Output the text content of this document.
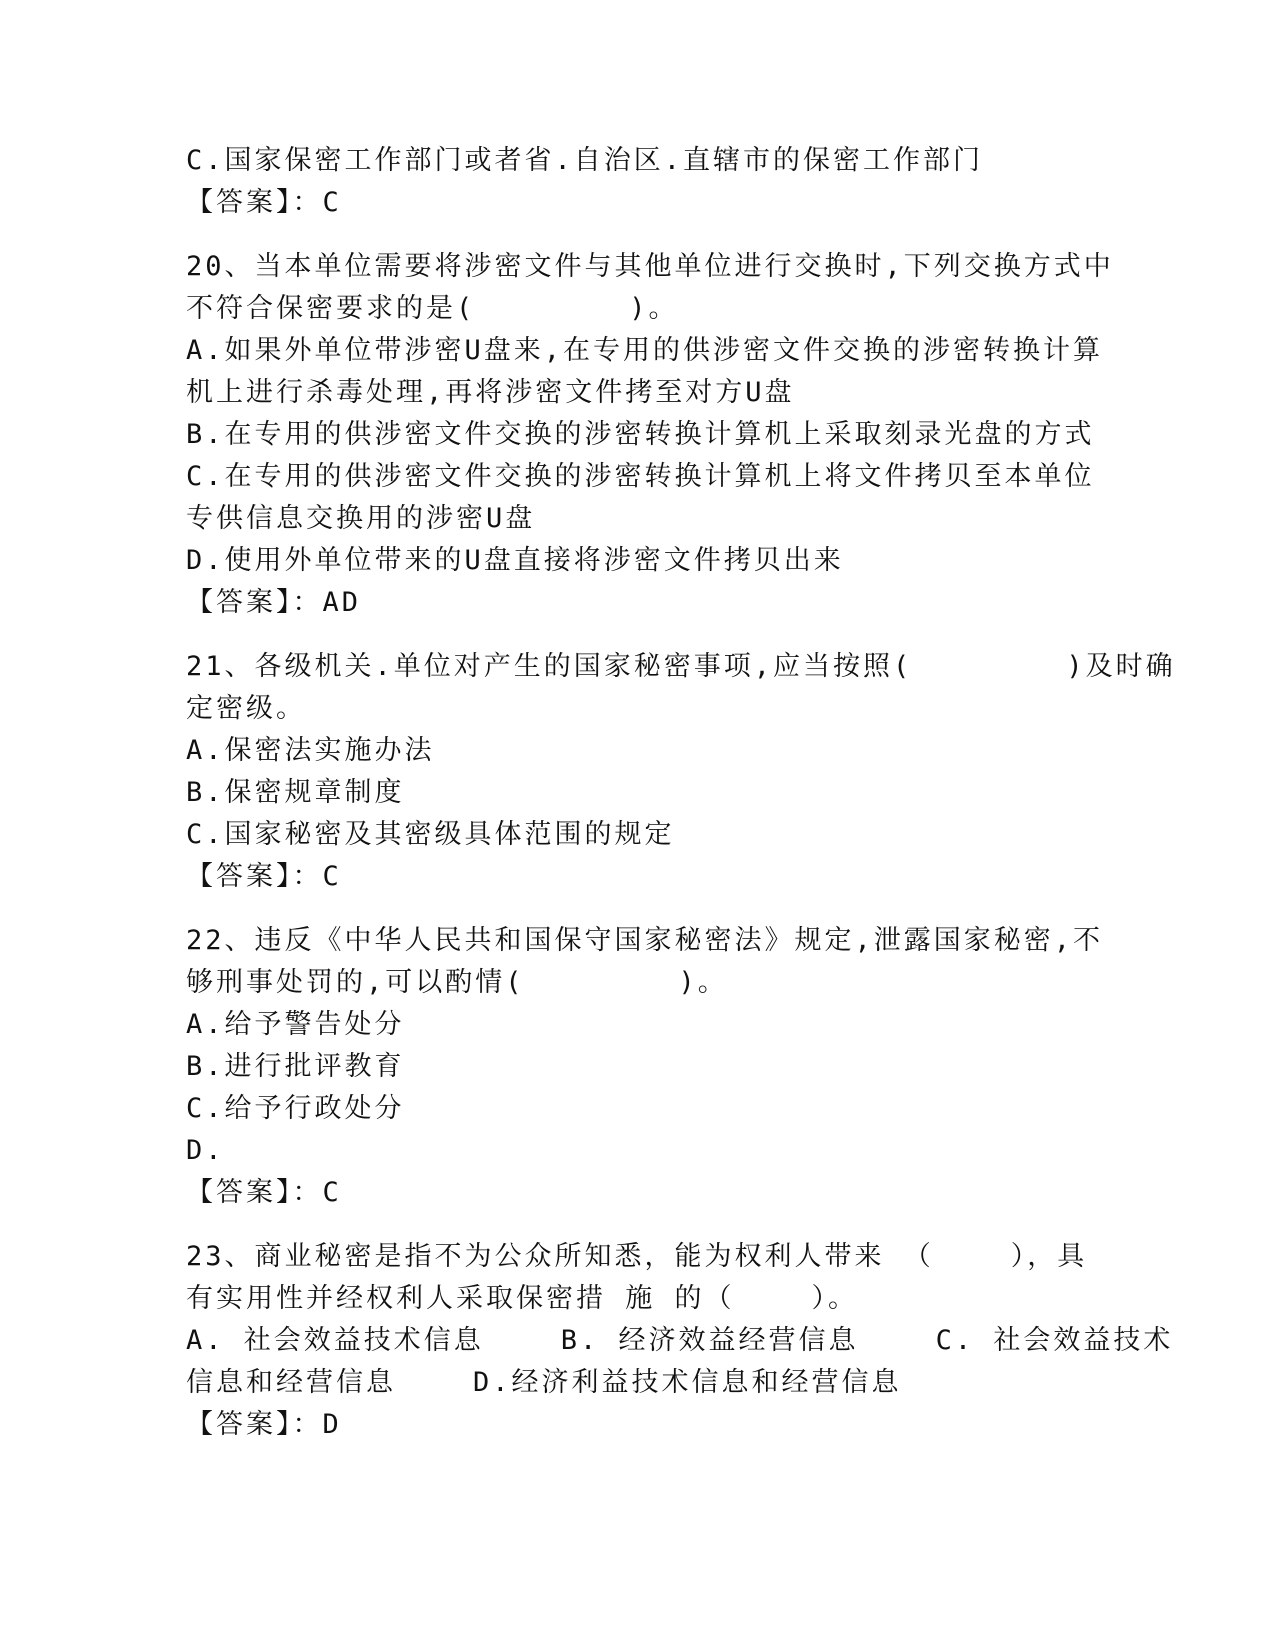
C.国家保密工作部门或者省.自治区.直辖市的保密工作部门
【答案】：C
20、当本单位需要将涉密文件与其他单位进行交换时,下列交换方式中
不符合保密要求的是(        )。
A.如果外单位带涉密U盘来,在专用的供涉密文件交换的涉密转换计算
机上进行杀毒处理,再将涉密文件拷至对方U盘
B.在专用的供涉密文件交换的涉密转换计算机上采取刻录光盘的方式
C.在专用的供涉密文件交换的涉密转换计算机上将文件拷贝至本单位
专供信息交换用的涉密U盘
D.使用外单位带来的U盘直接将涉密文件拷贝出来
【答案】：AD
21、各级机关.单位对产生的国家秘密事项,应当按照(        )及时确
定密级。
A.保密法实施办法
B.保密规章制度
C.国家秘密及其密级具体范围的规定
【答案】：C
22、违反《中华人民共和国保守国家秘密法》规定,泄露国家秘密,不
够刑事处罚的,可以酌情(        )。
A.给予警告处分
B.进行批评教育
C.给予行政处分
D.
【答案】：C
23、商业秘密是指不为公众所知悉，能为权利人带来 （    ），具
有实用性并经权利人采取保密措 施 的（    ）。
A. 社会效益技术信息    B. 经济效益经营信息    C. 社会效益技术
信息和经营信息    D.经济利益技术信息和经营信息
【答案】：D
